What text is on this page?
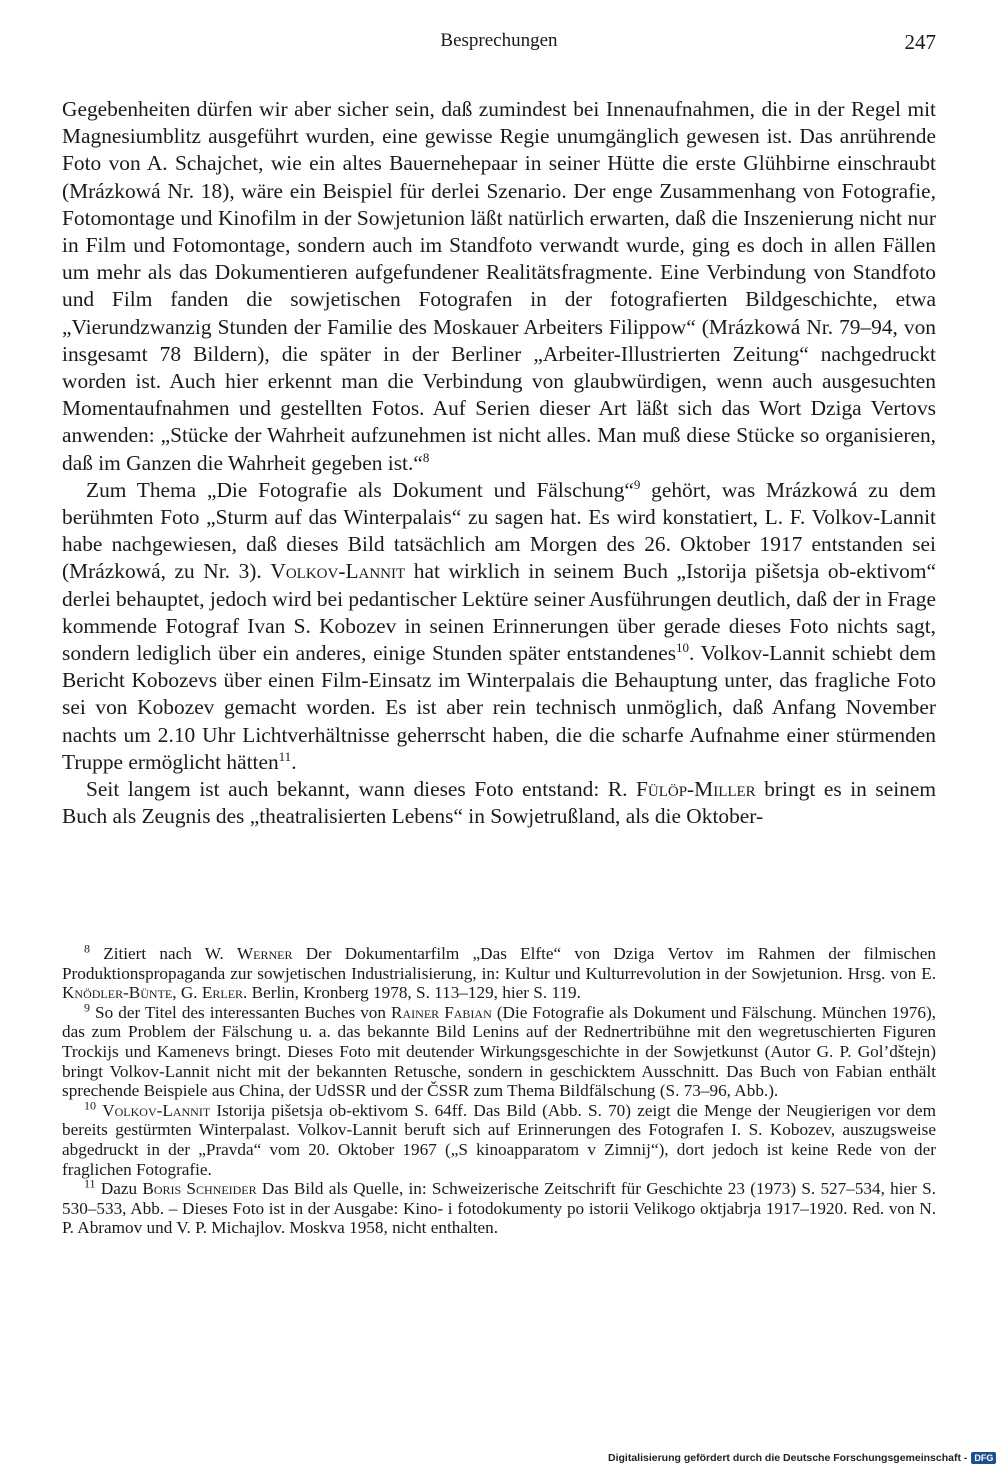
Besprechungen	247

Gegebenheiten dürfen wir aber sicher sein, daß zumindest bei Innenaufnahmen, die in der Regel mit Magnesiumblitz ausgeführt wurden, eine gewisse Regie unumgänglich gewesen ist. Das anrührende Foto von A. Schajchet, wie ein altes Bauernehepaar in seiner Hütte die erste Glühbirne einschraubt (Mrázkowá Nr. 18), wäre ein Beispiel für derlei Szenario. Der enge Zusammenhang von Fotografie, Fotomontage und Kinofilm in der Sowjetunion läßt natürlich erwarten, daß die Inszenierung nicht nur in Film und Fotomontage, sondern auch im Standfoto verwandt wurde, ging es doch in allen Fällen um mehr als das Dokumentieren aufgefundener Realitätsfragmente. Eine Verbindung von Standfoto und Film fanden die sowjetischen Fotografen in der fotografierten Bildgeschichte, etwa „Vierundzwanzig Stunden der Familie des Moskauer Arbeiters Filippow“ (Mrázkowá Nr. 79–94, von insgesamt 78 Bildern), die später in der Berliner „Arbeiter-Illustrierten Zeitung“ nachgedruckt worden ist. Auch hier erkennt man die Verbindung von glaubwürdigen, wenn auch ausgesuchten Momentaufnahmen und gestellten Fotos. Auf Serien dieser Art läßt sich das Wort Dziga Vertovs anwenden: „Stücke der Wahrheit aufzunehmen ist nicht alles. Man muß diese Stücke so organisieren, daß im Ganzen die Wahrheit gegeben ist.“$^8$

Zum Thema „Die Fotografie als Dokument und Fälschung“$^9$ gehört, was Mrázkowá zu dem berühmten Foto „Sturm auf das Winterpalais“ zu sagen hat. Es wird konstatiert, L. F. Volkov-Lannit habe nachgewiesen, daß dieses Bild tatsächlich am Morgen des 26. Oktober 1917 entstanden sei (Mrázkowá, zu Nr. 3). Volkov-Lannit hat wirklich in seinem Buch „Istorija pišetsja ob-ektivom“ derlei behauptet, jedoch wird bei pedantischer Lektüre seiner Ausführungen deutlich, daß der in Frage kommende Fotograf Ivan S. Kobozev in seinen Erinnerungen über gerade dieses Foto nichts sagt, sondern lediglich über ein anderes, einige Stunden später entstandenes$^{10}$. Volkov-Lannit schiebt dem Bericht Kobozevs über einen Film-Einsatz im Winterpalais die Behauptung unter, das fragliche Foto sei von Kobozev gemacht worden. Es ist aber rein technisch unmöglich, daß Anfang November nachts um 2.10 Uhr Lichtverhältnisse geherrscht haben, die die scharfe Aufnahme einer stürmenden Truppe ermöglicht hätten$^{11}$.

Seit langem ist auch bekannt, wann dieses Foto entstand: R. Fülöp-Miller bringt es in seinem Buch als Zeugnis des „theatralisierten Lebens“ in Sowjetrußland, als die Oktober-

$^8$ Zitiert nach W. Werner Der Dokumentarfilm „Das Elfte“ von Dziga Vertov im Rahmen der filmischen Produktionspropaganda zur sowjetischen Industrialisierung, in: Kultur und Kulturrevolution in der Sowjetunion. Hrsg. von E. Knödler-Bünte, G. Erler. Berlin, Kronberg 1978, S. 113–129, hier S. 119.

$^9$ So der Titel des interessanten Buches von Rainer Fabian (Die Fotografie als Dokument und Fälschung. München 1976), das zum Problem der Fälschung u. a. das bekannte Bild Lenins auf der Rednertribühne mit den wegretuschierten Figuren Trockijs und Kamenevs bringt. Dieses Foto mit deutender Wirkungsgeschichte in der Sowjetkunst (Autor G. P. Gol’dštejn) bringt Volkov-Lannit nicht mit der bekannten Retusche, sondern in geschicktem Ausschnitt. Das Buch von Fabian enthält sprechende Beispiele aus China, der UdSSR und der ČSSR zum Thema Bildfälschung (S. 73–96, Abb.).

$^{10}$ Volkov-Lannit Istorija pišetsja ob-ektivom S. 64ff. Das Bild (Abb. S. 70) zeigt die Menge der Neugierigen vor dem bereits gestürmten Winterpalast. Volkov-Lannit beruft sich auf Erinnerungen des Fotografen I. S. Kobozev, auszugsweise abgedruckt in der „Pravda“ vom 20. Oktober 1967 („S kinoapparatom v Zimnij“), dort jedoch ist keine Rede von der fraglichen Fotografie.

$^{11}$ Dazu Boris Schneider Das Bild als Quelle, in: Schweizerische Zeitschrift für Geschichte 23 (1973) S. 527–534, hier S. 530–533, Abb. – Dieses Foto ist in der Ausgabe: Kino- i fotodokumenty po istorii Velikogo oktjabrja 1917–1920. Red. von N. P. Abramov und V. P. Michajlov. Moskva 1958, nicht enthalten.

Digitalisierung gefördert durch die Deutsche Forschungsgemeinschaft - DFG
